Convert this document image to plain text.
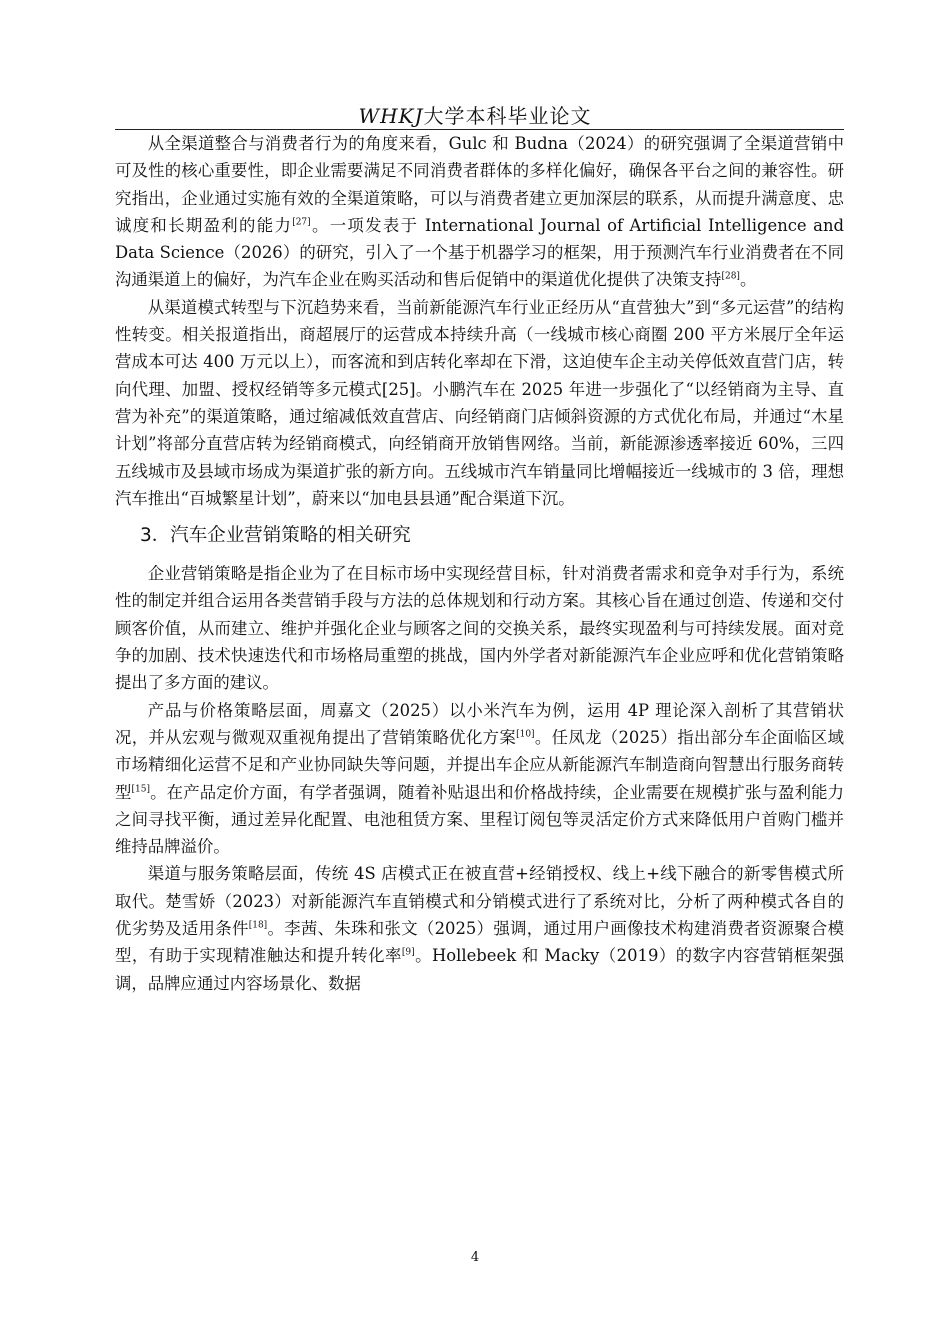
WHKJ大学本科毕业论文

从全渠道整合与消费者行为的角度来看，Gulc 和 Budna（2024）的研究强调了全渠道营销中可及性的核心重要性，即企业需要满足不同消费者群体的多样化偏好，确保各平台之间的兼容性。研究指出，企业通过实施有效的全渠道策略，可以与消费者建立更加深层的联系，从而提升满意度、忠诚度和长期盈利的能力[27]。一项发表于 International Journal of Artificial Intelligence and Data Science（2026）的研究，引入了一个基于机器学习的框架，用于预测汽车行业消费者在不同沟通渠道上的偏好，为汽车企业在购买活动和售后促销中的渠道优化提供了决策支持[28]。

从渠道模式转型与下沉趋势来看，当前新能源汽车行业正经历从“直营独大”到“多元运营”的结构性转变。相关报道指出，商超展厅的运营成本持续升高（一线城市核心商圈 200 平方米展厅全年运营成本可达 400 万元以上），而客流和到店转化率却在下滑，这迫使车企主动关停低效直营门店，转向代理、加盟、授权经销等多元模式[25]。小鹏汽车在 2025 年进一步强化了“以经销商为主导、直营为补充”的渠道策略，通过缩减低效直营店、向经销商门店倾斜资源的方式优化布局，并通过“木星计划”将部分直营店转为经销商模式，向经销商开放销售网络。当前，新能源渗透率接近 60%，三四五线城市及县域市场成为渠道扩张的新方向。五线城市汽车销量同比增幅接近一线城市的 3 倍，理想汽车推出“百城繁星计划”，蔚来以“加电县县通”配合渠道下沉。

3．汽车企业营销策略的相关研究

企业营销策略是指企业为了在目标市场中实现经营目标，针对消费者需求和竞争对手行为，系统性的制定并组合运用各类营销手段与方法的总体规划和行动方案。其核心旨在通过创造、传递和交付顾客价值，从而建立、维护并强化企业与顾客之间的交换关系，最终实现盈利与可持续发展。面对竞争的加剧、技术快速迭代和市场格局重塑的挑战，国内外学者对新能源汽车企业应呼和优化营销策略提出了多方面的建议。

产品与价格策略层面，周嘉文（2025）以小米汽车为例，运用 4P 理论深入剖析了其营销状况，并从宏观与微观双重视角提出了营销策略优化方案[10]。任凤龙（2025）指出部分车企面临区域市场精细化运营不足和产业协同缺失等问题，并提出车企应从新能源汽车制造商向智慧出行服务商转型[15]。在产品定价方面，有学者强调，随着补贴退出和价格战持续，企业需要在规模扩张与盈利能力之间寻找平衡，通过差异化配置、电池租赁方案、里程订阅包等灵活定价方式来降低用户首购门槛并维持品牌溢价。

渠道与服务策略层面，传统 4S 店模式正在被直营+经销授权、线上+线下融合的新零售模式所取代。楚雪娇（2023）对新能源汽车直销模式和分销模式进行了系统对比，分析了两种模式各自的优劣势及适用条件[18]。李茜、朱珠和张文（2025）强调，通过用户画像技术构建消费者资源聚合模型，有助于实现精准触达和提升转化率[9]。Hollebeek 和 Macky（2019）的数字内容营销框架强调，品牌应通过内容场景化、数据

4
